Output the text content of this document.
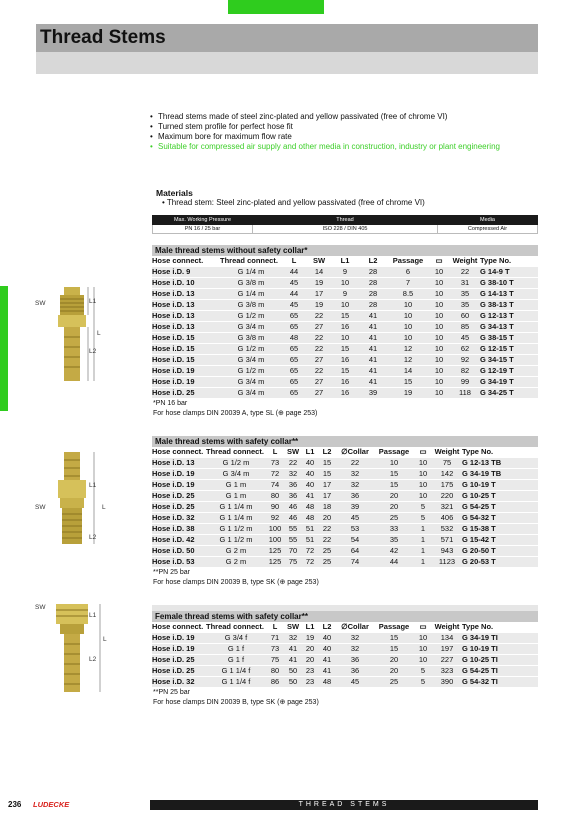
Thread Stems
• Thread stems made of steel zinc-plated and yellow passivated (free of chrome VI)
• Turned stem profile for perfect hose fit
• Maximum bore for maximum flow rate
• Suitable for compressed air supply and other media in construction, industry or plant engineering
Materials
• Thread stem: Steel zinc-plated and yellow passivated (free of chrome VI)
Max. Working Pressure	Thread	Media
PN 16 / 25 bar	ISO 228 / DIN 405	Compressed Air
SW	L1
L
L2
SW
L1
L
L2
SW
L1
L
L2
Male thread stems without safety collar*
Hose connect.	Thread connect.	L	SW	L1	L2	Passage	▭	Weight	Type No.
Hose i.D. 9	G 1/4 m	44	14	9	28	6	10	22	G 14-9 T
Hose i.D. 10	G 3/8 m	45	19	10	28	7	10	31	G 38-10 T
Hose i.D. 13	G 1/4 m	44	17	9	28	8.5	10	35	G 14-13 T
Hose i.D. 13	G 3/8 m	45	19	10	28	10	10	35	G 38-13 T
Hose i.D. 13	G 1/2 m	65	22	15	41	10	10	60	G 12-13 T
Hose i.D. 13	G 3/4 m	65	27	16	41	10	10	85	G 34-13 T
Hose i.D. 15	G 3/8 m	48	22	10	41	10	10	45	G 38-15 T
Hose i.D. 15	G 1/2 m	65	22	15	41	12	10	62	G 12-15 T
Hose i.D. 15	G 3/4 m	65	27	16	41	12	10	92	G 34-15 T
Hose i.D. 19	G 1/2 m	65	22	15	41	14	10	82	G 12-19 T
Hose i.D. 19	G 3/4 m	65	27	16	41	15	10	99	G 34-19 T
Hose i.D. 25	G 3/4 m	65	27	16	39	19	10	118	G 34-25 T
*PN 16 bar
For hose clamps DIN 20039 A, type SL (⊕ page 253)
Male thread stems with safety collar**
Hose connect.	Thread connect.	L	SW	L1	L2	∅Collar	Passage	▭	Weight	Type No.
Hose i.D. 13	G 1/2 m	73	22	40	15	22	10	10	75	G 12-13 TB
Hose i.D. 19	G 3/4 m	72	32	40	15	32	15	10	142	G 34-19 TB
Hose i.D. 19	G 1 m	74	36	40	17	32	15	10	175	G 10-19 T
Hose i.D. 25	G 1 m	80	36	41	17	36	20	10	220	G 10-25 T
Hose i.D. 25	G 1 1/4 m	90	46	48	18	39	20	5	321	G 54-25 T
Hose i.D. 32	G 1 1/4 m	92	46	48	20	45	25	5	406	G 54-32 T
Hose i.D. 38	G 1 1/2 m	100	55	51	22	53	33	1	532	G 15-38 T
Hose i.D. 42	G 1 1/2 m	100	55	51	22	54	35	1	571	G 15-42 T
Hose i.D. 50	G 2 m	125	70	72	25	64	42	1	943	G 20-50 T
Hose i.D. 53	G 2 m	125	75	72	25	74	44	1	1123	G 20-53 T
**PN 25 bar
For hose clamps DIN 20039 B, type SK (⊕ page 253)
Female thread stems with safety collar**
Hose connect.	Thread connect.	L	SW	L1	L2	∅Collar	Passage	▭	Weight	Type No.
Hose i.D. 19	G 3/4 f	71	32	19	40	32	15	10	134	G 34-19 TI
Hose i.D. 19	G 1 f	73	41	20	40	32	15	10	197	G 10-19 TI
Hose i.D. 25	G 1 f	75	41	20	41	36	20	10	227	G 10-25 TI
Hose i.D. 25	G 1 1/4 f	80	50	23	41	36	20	5	323	G 54-25 TI
Hose i.D. 32	G 1 1/4 f	86	50	23	48	45	25	5	390	G 54-32 TI
**PN 25 bar
For hose clamps DIN 20039 B, type SK (⊕ page 253)
236 LUDECKE	THREAD STEMS
